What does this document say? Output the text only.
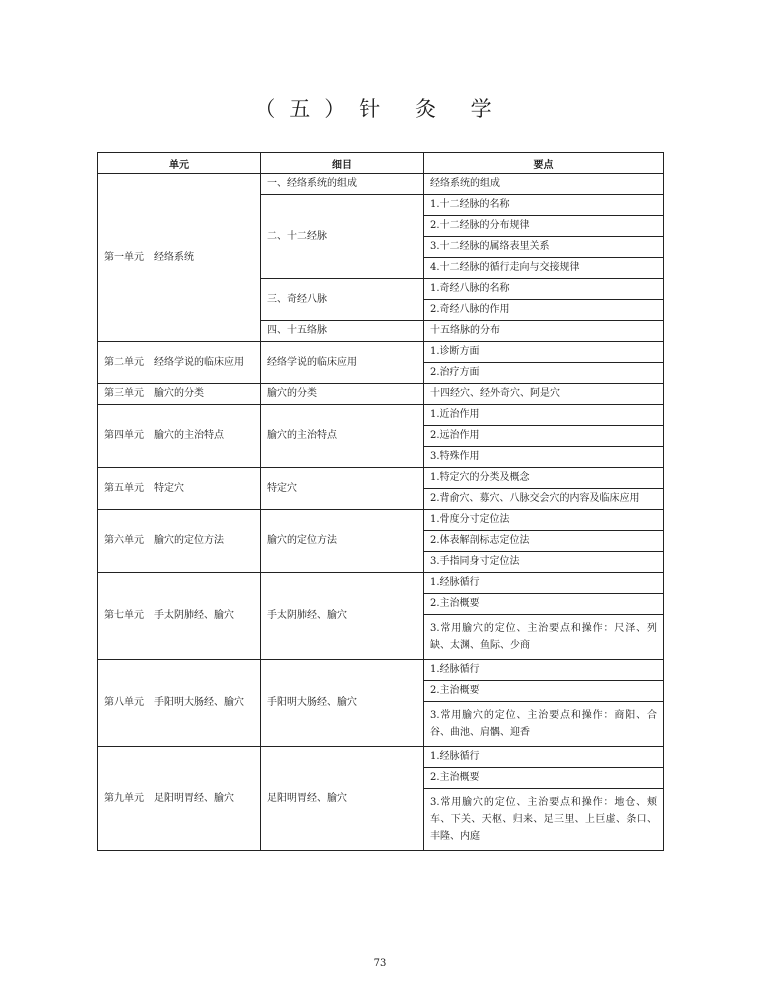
（五）针 灸 学
单元	细目	要点
第一单元　经络系统	一、经络系统的组成	经络系统的组成
	二、十二经脉	1.十二经脉的名称
		2.十二经脉的分布规律
		3.十二经脉的属络表里关系
		4.十二经脉的循行走向与交接规律
	三、奇经八脉	1.奇经八脉的名称
		2.奇经八脉的作用
	四、十五络脉	十五络脉的分布
第二单元　经络学说的临床应用	经络学说的临床应用	1.诊断方面
		2.治疗方面
第三单元　腧穴的分类	腧穴的分类	十四经穴、经外奇穴、阿是穴
第四单元　腧穴的主治特点	腧穴的主治特点	1.近治作用
		2.远治作用
		3.特殊作用
第五单元　特定穴	特定穴	1.特定穴的分类及概念
		2.背俞穴、募穴、八脉交会穴的内容及临床应用
第六单元　腧穴的定位方法	腧穴的定位方法	1.骨度分寸定位法
		2.体表解剖标志定位法
		3.手指同身寸定位法
第七单元　手太阴肺经、腧穴	手太阴肺经、腧穴	1.经脉循行
		2.主治概要
		3.常用腧穴的定位、主治要点和操作：尺泽、列缺、太渊、鱼际、少商
第八单元　手阳明大肠经、腧穴	手阳明大肠经、腧穴	1.经脉循行
		2.主治概要
		3.常用腧穴的定位、主治要点和操作：商阳、合谷、曲池、肩髃、迎香
第九单元　足阳明胃经、腧穴	足阳明胃经、腧穴	1.经脉循行
		2.主治概要
		3.常用腧穴的定位、主治要点和操作：地仓、颊车、下关、天枢、归来、足三里、上巨虚、条口、丰隆、内庭
73
